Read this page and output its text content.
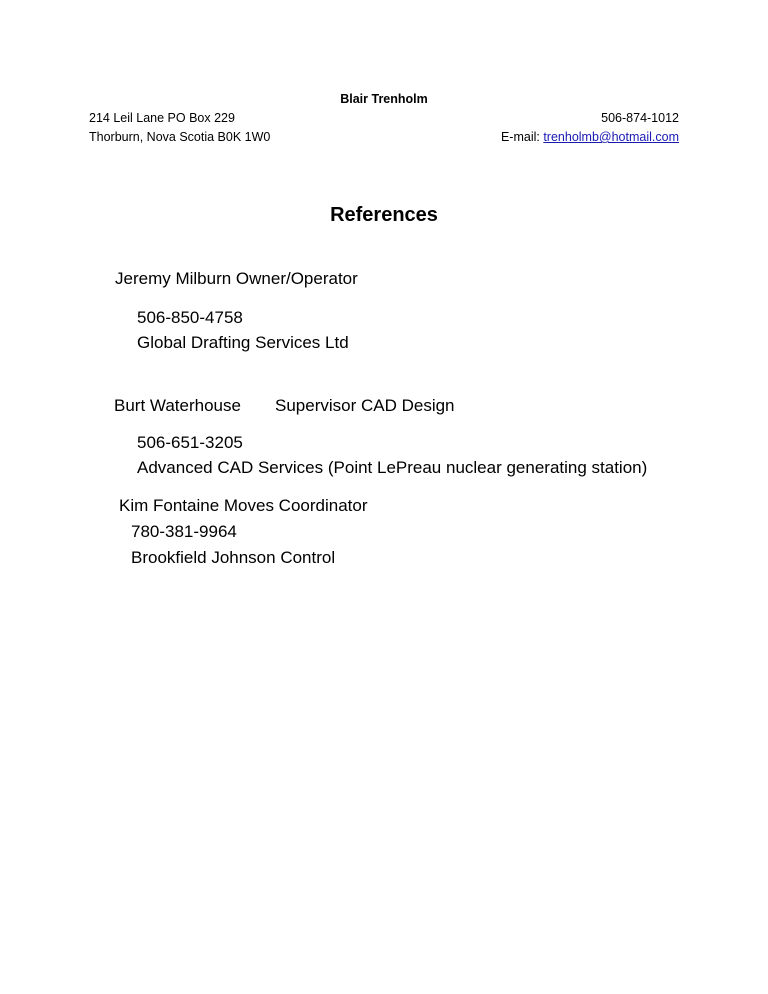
Blair Trenholm
214 Leil Lane PO Box 229
Thorburn, Nova Scotia B0K 1W0
506-874-1012
E-mail: trenholmb@hotmail.com
References
Jeremy Milburn Owner/Operator
506-850-4758
Global Drafting Services Ltd
Burt Waterhouse Supervisor CAD Design
506-651-3205
Advanced CAD Services (Point LePreau nuclear generating station)
Kim Fontaine Moves Coordinator
780-381-9964
Brookfield Johnson Control
